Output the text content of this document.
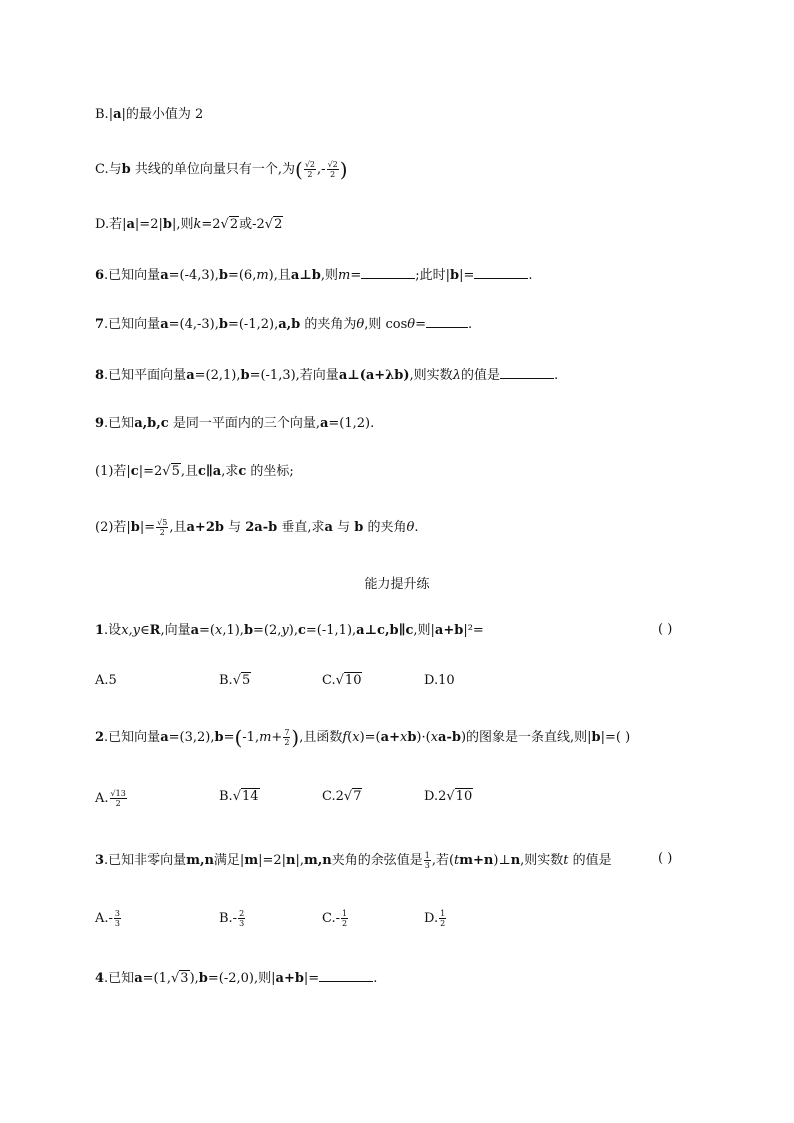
B.|a|的最小值为 2
C.与b 共线的单位向量只有一个,为( $\frac{√2}{2}$ ,- $\frac{√2}{2}$ )
D.若|a|=2|b|,则k=2√2或-2√2
6.已知向量a=(-4,3),b=(6,m),且a⊥b,则m=	;此时|b|=	.
7.已知向量a=(4,-3),b=(-1,2),a,b 的夹角为θ,则 cosθ=	.
8.已知平面向量a=(2,1),b=(-1,3),若向量a⊥(a+λb),则实数λ的值是	.
9.已知a,b,c 是同一平面内的三个向量,a=(1,2).
(1)若|c|=2√5,且c∥a,求c 的坐标;
(2)若$|b|= \frac{√5}{2}$ ,且a+2b 与 2a-b 垂直,求a 与 b 的夹角θ.
能力提升练
1.设x,y∈R,向量a=(x,1),b=(2,y),c=(-1,1),a⊥c,b∥c,则|a+b|²=	( )
A.5	B.√5	C.√10	D.10
2.已知向量$a=(3,2),b=(-1,m+ \frac{7}{2}$ ),且函数f(x)=(a+xb)·(xa-b)的图象是一条直线,则|b|=( )
A. $\frac{√13}{2}$	B.√14	C.2√7	D.2√10
3.已知非零向量m,n满足|m|=2|n|,m,n夹角的余弦值是 $\frac{1}{3}$ ,若(tm+n)⊥n,则实数t 的值是	( )
$A.- \frac{3}{3}$	$B.- \frac{2}{3}$	$C.- \frac{1}{2}$	D. $\frac{1}{2}$
4.已知a=(1,√3),b=(-2,0),则|a+b|=	.
